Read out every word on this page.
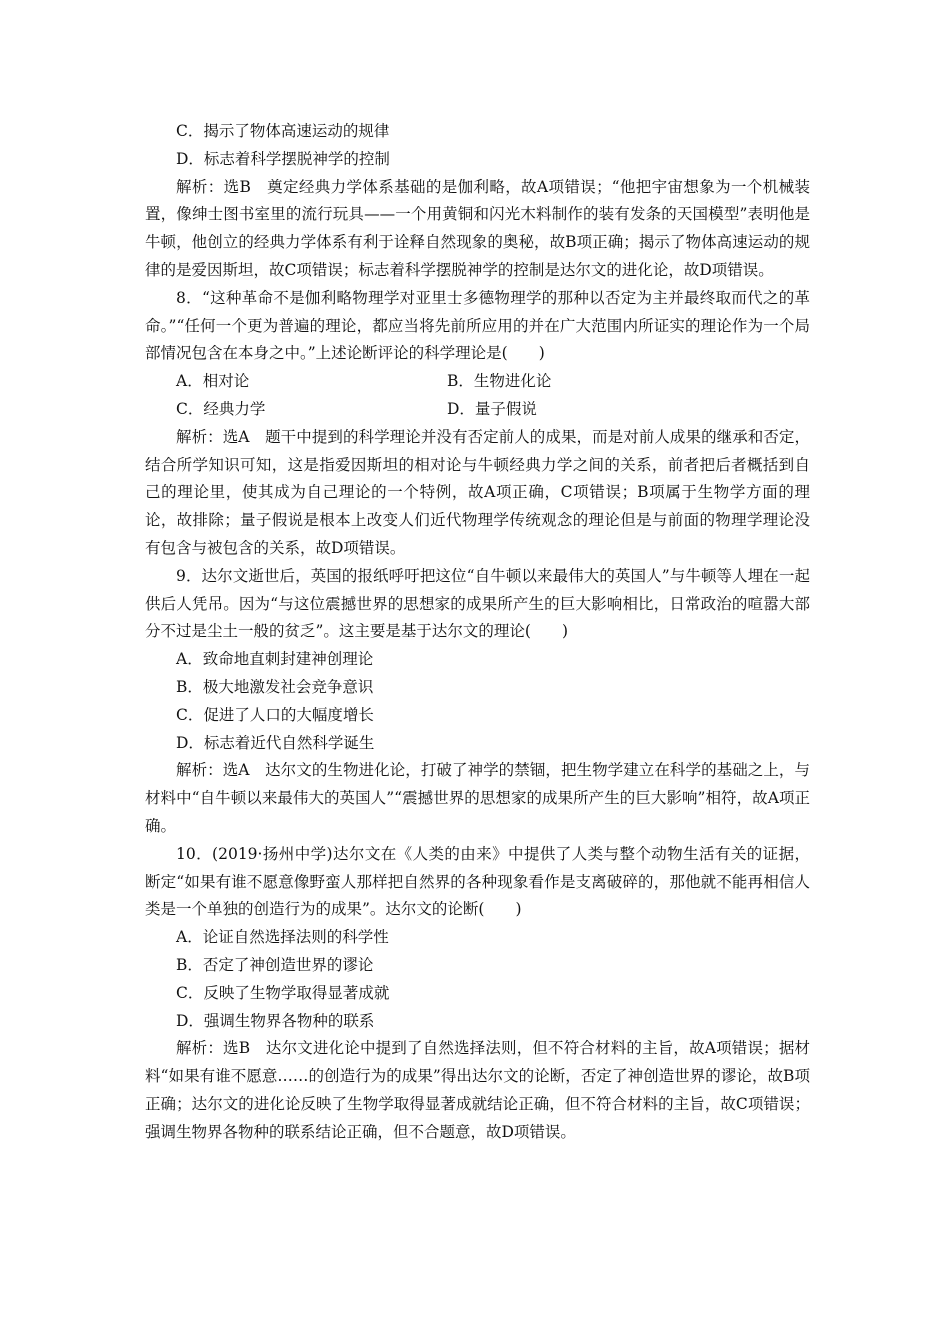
C．揭示了物体高速运动的规律

D．标志着科学摆脱神学的控制

解析：选B　奠定经典力学体系基础的是伽利略，故A项错误；“他把宇宙想象为一个机械装置，像绅士图书室里的流行玩具——一个用黄铜和闪光木料制作的装有发条的天国模型”表明他是牛顿，他创立的经典力学体系有利于诠释自然现象的奥秘，故B项正确；揭示了物体高速运动的规律的是爱因斯坦，故C项错误；标志着科学摆脱神学的控制是达尔文的进化论，故D项错误。

8．“这种革命不是伽利略物理学对亚里士多德物理学的那种以否定为主并最终取而代之的革命。”“任何一个更为普遍的理论，都应当将先前所应用的并在广大范围内所证实的理论作为一个局部情况包含在本身之中。”上述论断评论的科学理论是(　　)

A．相对论	B．生物进化论
C．经典力学	D．量子假说

解析：选A　题干中提到的科学理论并没有否定前人的成果，而是对前人成果的继承和否定，结合所学知识可知，这是指爱因斯坦的相对论与牛顿经典力学之间的关系，前者把后者概括到自己的理论里，使其成为自己理论的一个特例，故A项正确，C项错误；B项属于生物学方面的理论，故排除；量子假说是根本上改变人们近代物理学传统观念的理论但是与前面的物理学理论没有包含与被包含的关系，故D项错误。

9．达尔文逝世后，英国的报纸呼吁把这位“自牛顿以来最伟大的英国人”与牛顿等人埋在一起供后人凭吊。因为“与这位震撼世界的思想家的成果所产生的巨大影响相比，日常政治的喧嚣大部分不过是尘土一般的贫乏”。这主要是基于达尔文的理论(　　)

A．致命地直刺封建神创理论

B．极大地激发社会竞争意识

C．促进了人口的大幅度增长

D．标志着近代自然科学诞生

解析：选A　达尔文的生物进化论，打破了神学的禁锢，把生物学建立在科学的基础之上，与材料中“自牛顿以来最伟大的英国人”“震撼世界的思想家的成果所产生的巨大影响”相符，故A项正确。

10．(2019·扬州中学)达尔文在《人类的由来》中提供了人类与整个动物生活有关的证据，断定“如果有谁不愿意像野蛮人那样把自然界的各种现象看作是支离破碎的，那他就不能再相信人类是一个单独的创造行为的成果”。达尔文的论断(　　)

A．论证自然选择法则的科学性

B．否定了神创造世界的谬论

C．反映了生物学取得显著成就

D．强调生物界各物种的联系

解析：选B　达尔文进化论中提到了自然选择法则，但不符合材料的主旨，故A项错误；据材料“如果有谁不愿意……的创造行为的成果”得出达尔文的论断，否定了神创造世界的谬论，故B项正确；达尔文的进化论反映了生物学取得显著成就结论正确，但不符合材料的主旨，故C项错误；强调生物界各物种的联系结论正确，但不合题意，故D项错误。
